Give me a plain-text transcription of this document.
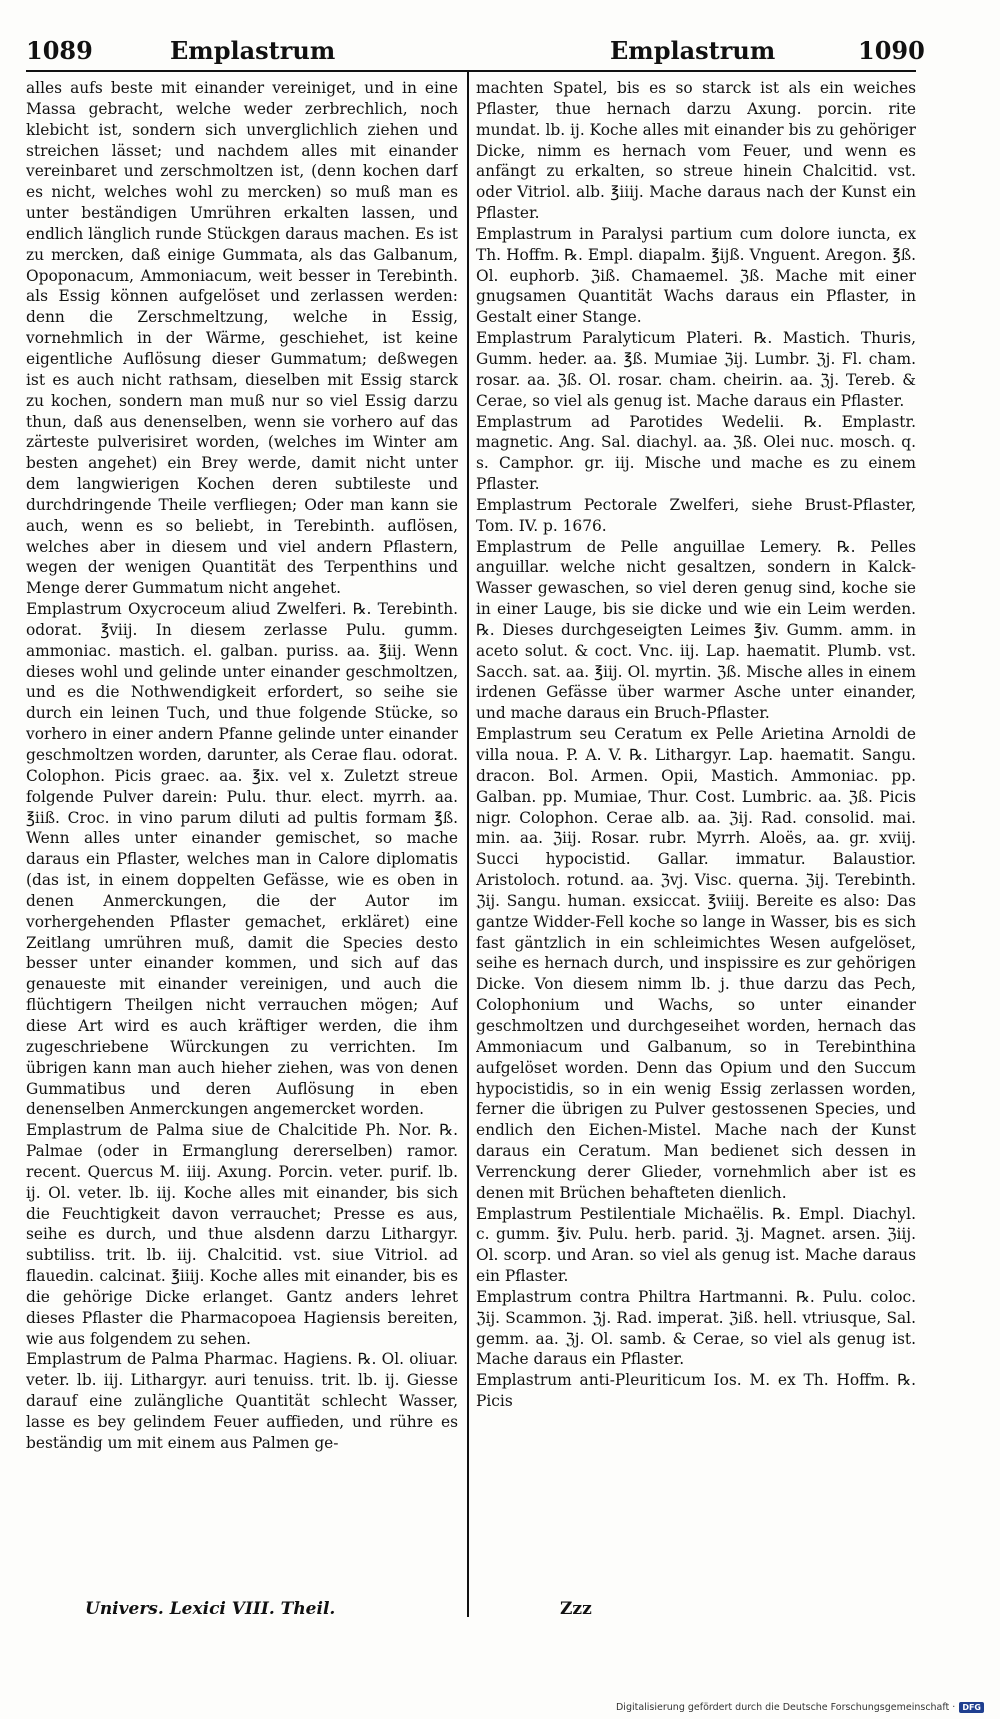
1089	Emplastrum	Emplastrum	1090

alles aufs beste mit einander vereiniget, und in eine Massa gebracht, welche weder zerbrechlich, noch klebicht ist, sondern sich unverglichlich ziehen und streichen lässet; und nachdem alles mit einander vereinbaret und zerschmoltzen ist, (denn kochen darf es nicht, welches wohl zu mercken) so muß man es unter beständigen Umrühren erkalten lassen, und endlich länglich runde Stückgen daraus machen. Es ist zu mercken, daß einige Gummata, als das Galbanum, Opoponacum, Ammoniacum, weit besser in Terebinth. als Essig können aufgelöset und zerlassen werden: denn die Zerschmeltzung, welche in Essig, vornehmlich in der Wärme, geschiehet, ist keine eigentliche Auflösung dieser Gummatum; deßwegen ist es auch nicht rathsam, dieselben mit Essig starck zu kochen, sondern man muß nur so viel Essig darzu thun, daß aus denenselben, wenn sie vorhero auf das zärteste pulverisiret worden, (welches im Winter am besten angehet) ein Brey werde, damit nicht unter dem langwierigen Kochen deren subtileste und durchdringende Theile verfliegen; Oder man kann sie auch, wenn es so beliebt, in Terebinth. auflösen, welches aber in diesem und viel andern Pflastern, wegen der wenigen Quantität des Terpenthins und Menge derer Gummatum nicht angehet.

Emplastrum Oxycroceum aliud Zwelferi. ℞. Terebinth. odorat. ℥viij. In diesem zerlasse Pulu. gumm. ammoniac. mastich. el. galban. puriss. aa. ℥iij. Wenn dieses wohl und gelinde unter einander geschmoltzen, und es die Nothwendigkeit erfordert, so seihe sie durch ein leinen Tuch, und thue folgende Stücke, so vorhero in einer andern Pfanne gelinde unter einander geschmoltzen worden, darunter, als Cerae flau. odorat. Colophon. Picis graec. aa. ℥ix. vel x. Zuletzt streue folgende Pulver darein: Pulu. thur. elect. myrrh. aa. ℥iiß. Croc. in vino parum diluti ad pultis formam ℥ß. Wenn alles unter einander gemischet, so mache daraus ein Pflaster, welches man in Calore diplomatis (das ist, in einem doppelten Gefässe, wie es oben in denen Anmerckungen, die der Autor im vorhergehenden Pflaster gemachet, erkläret) eine Zeitlang umrühren muß, damit die Species desto besser unter einander kommen, und sich auf das genaueste mit einander vereinigen, und auch die flüchtigern Theilgen nicht verrauchen mögen; Auf diese Art wird es auch kräftiger werden, die ihm zugeschriebene Würckungen zu verrichten. Im übrigen kann man auch hieher ziehen, was von denen Gummatibus und deren Auflösung in eben denenselben Anmerckungen angemercket worden.

Emplastrum de Palma siue de Chalcitide Ph. Nor. ℞. Palmae (oder in Ermanglung dererselben) ramor. recent. Quercus M. iiij. Axung. Porcin. veter. purif. lb. ij. Ol. veter. lb. iij. Koche alles mit einander, bis sich die Feuchtigkeit davon verrauchet; Presse es aus, seihe es durch, und thue alsdenn darzu Lithargyr. subtiliss. trit. lb. iij. Chalcitid. vst. siue Vitriol. ad flauedin. calcinat. ℥iiij. Koche alles mit einander, bis es die gehörige Dicke erlanget. Gantz anders lehret dieses Pflaster die Pharmacopoea Hagiensis bereiten, wie aus folgendem zu sehen.

Emplastrum de Palma Pharmac. Hagiens. ℞. Ol. oliuar. veter. lb. iij. Lithargyr. auri tenuiss. trit. lb. ij. Giesse darauf eine zulängliche Quantität schlecht Wasser, lasse es bey gelindem Feuer auffieden, und rühre es beständig um mit einem aus Palmen ge-

machten Spatel, bis es so starck ist als ein weiches Pflaster, thue hernach darzu Axung. porcin. rite mundat. lb. ij. Koche alles mit einander bis zu gehöriger Dicke, nimm es hernach vom Feuer, und wenn es anfängt zu erkalten, so streue hinein Chalcitid. vst. oder Vitriol. alb. ℥iiij. Mache daraus nach der Kunst ein Pflaster.

Emplastrum in Paralysi partium cum dolore iuncta, ex Th. Hoffm. ℞. Empl. diapalm. ℥ijß. Vnguent. Aregon. ℥ß. Ol. euphorb. ℨiß. Chamaemel. ℨß. Mache mit einer gnugsamen Quantität Wachs daraus ein Pflaster, in Gestalt einer Stange.

Emplastrum Paralyticum Plateri. ℞. Mastich. Thuris, Gumm. heder. aa. ℥ß. Mumiae ℨij. Lumbr. ℨj. Fl. cham. rosar. aa. ℨß. Ol. rosar. cham. cheirin. aa. ℨj. Tereb. & Cerae, so viel als genug ist. Mache daraus ein Pflaster.

Emplastrum ad Parotides Wedelii. ℞. Emplastr. magnetic. Ang. Sal. diachyl. aa. ℨß. Olei nuc. mosch. q. s. Camphor. gr. iij. Mische und mache es zu einem Pflaster.

Emplastrum Pectorale Zwelferi, siehe Brust-Pflaster, Tom. IV. p. 1676.

Emplastrum de Pelle anguillae Lemery. ℞. Pelles anguillar. welche nicht gesaltzen, sondern in Kalck-Wasser gewaschen, so viel deren genug sind, koche sie in einer Lauge, bis sie dicke und wie ein Leim werden. ℞. Dieses durchgeseigten Leimes ℥iv. Gumm. amm. in aceto solut. & coct. Vnc. iij. Lap. haematit. Plumb. vst. Sacch. sat. aa. ℥iij. Ol. myrtin. ℨß. Mische alles in einem irdenen Gefässe über warmer Asche unter einander, und mache daraus ein Bruch-Pflaster.

Emplastrum seu Ceratum ex Pelle Arietina Arnoldi de villa noua. P. A. V. ℞. Lithargyr. Lap. haematit. Sangu. dracon. Bol. Armen. Opii, Mastich. Ammoniac. pp. Galban. pp. Mumiae, Thur. Cost. Lumbric. aa. ℨß. Picis nigr. Colophon. Cerae alb. aa. ℨij. Rad. consolid. mai. min. aa. ℨiij. Rosar. rubr. Myrrh. Aloës, aa. gr. xviij. Succi hypocistid. Gallar. immatur. Balaustior. Aristoloch. rotund. aa. ℨvj. Visc. querna. ℨij. Terebinth. ℨij. Sangu. human. exsiccat. ℥viiij. Bereite es also: Das gantze Widder-Fell koche so lange in Wasser, bis es sich fast gäntzlich in ein schleimichtes Wesen aufgelöset, seihe es hernach durch, und inspissire es zur gehörigen Dicke. Von diesem nimm lb. j. thue darzu das Pech, Colophonium und Wachs, so unter einander geschmoltzen und durchgeseihet worden, hernach das Ammoniacum und Galbanum, so in Terebinthina aufgelöset worden. Denn das Opium und den Succum hypocistidis, so in ein wenig Essig zerlassen worden, ferner die übrigen zu Pulver gestossenen Species, und endlich den Eichen-Mistel. Mache nach der Kunst daraus ein Ceratum. Man bedienet sich dessen in Verrenckung derer Glieder, vornehmlich aber ist es denen mit Brüchen behafteten dienlich.

Emplastrum Pestilentiale Michaëlis. ℞. Empl. Diachyl. c. gumm. ℥iv. Pulu. herb. parid. ℨj. Magnet. arsen. ℨiij. Ol. scorp. und Aran. so viel als genug ist. Mache daraus ein Pflaster.

Emplastrum contra Philtra Hartmanni. ℞. Pulu. coloc. ℨij. Scammon. ℨj. Rad. imperat. ℨiß. hell. vtriusque, Sal. gemm. aa. ℨj. Ol. samb. & Cerae, so viel als genug ist. Mache daraus ein Pflaster.

Emplastrum anti-Pleuriticum Ios. M. ex Th. Hoffm. ℞. Picis

Univers. Lexici VIII. Theil.	Zzz
Digitalisierung gefördert durch die Deutsche Forschungsgemeinschaft · DFG
